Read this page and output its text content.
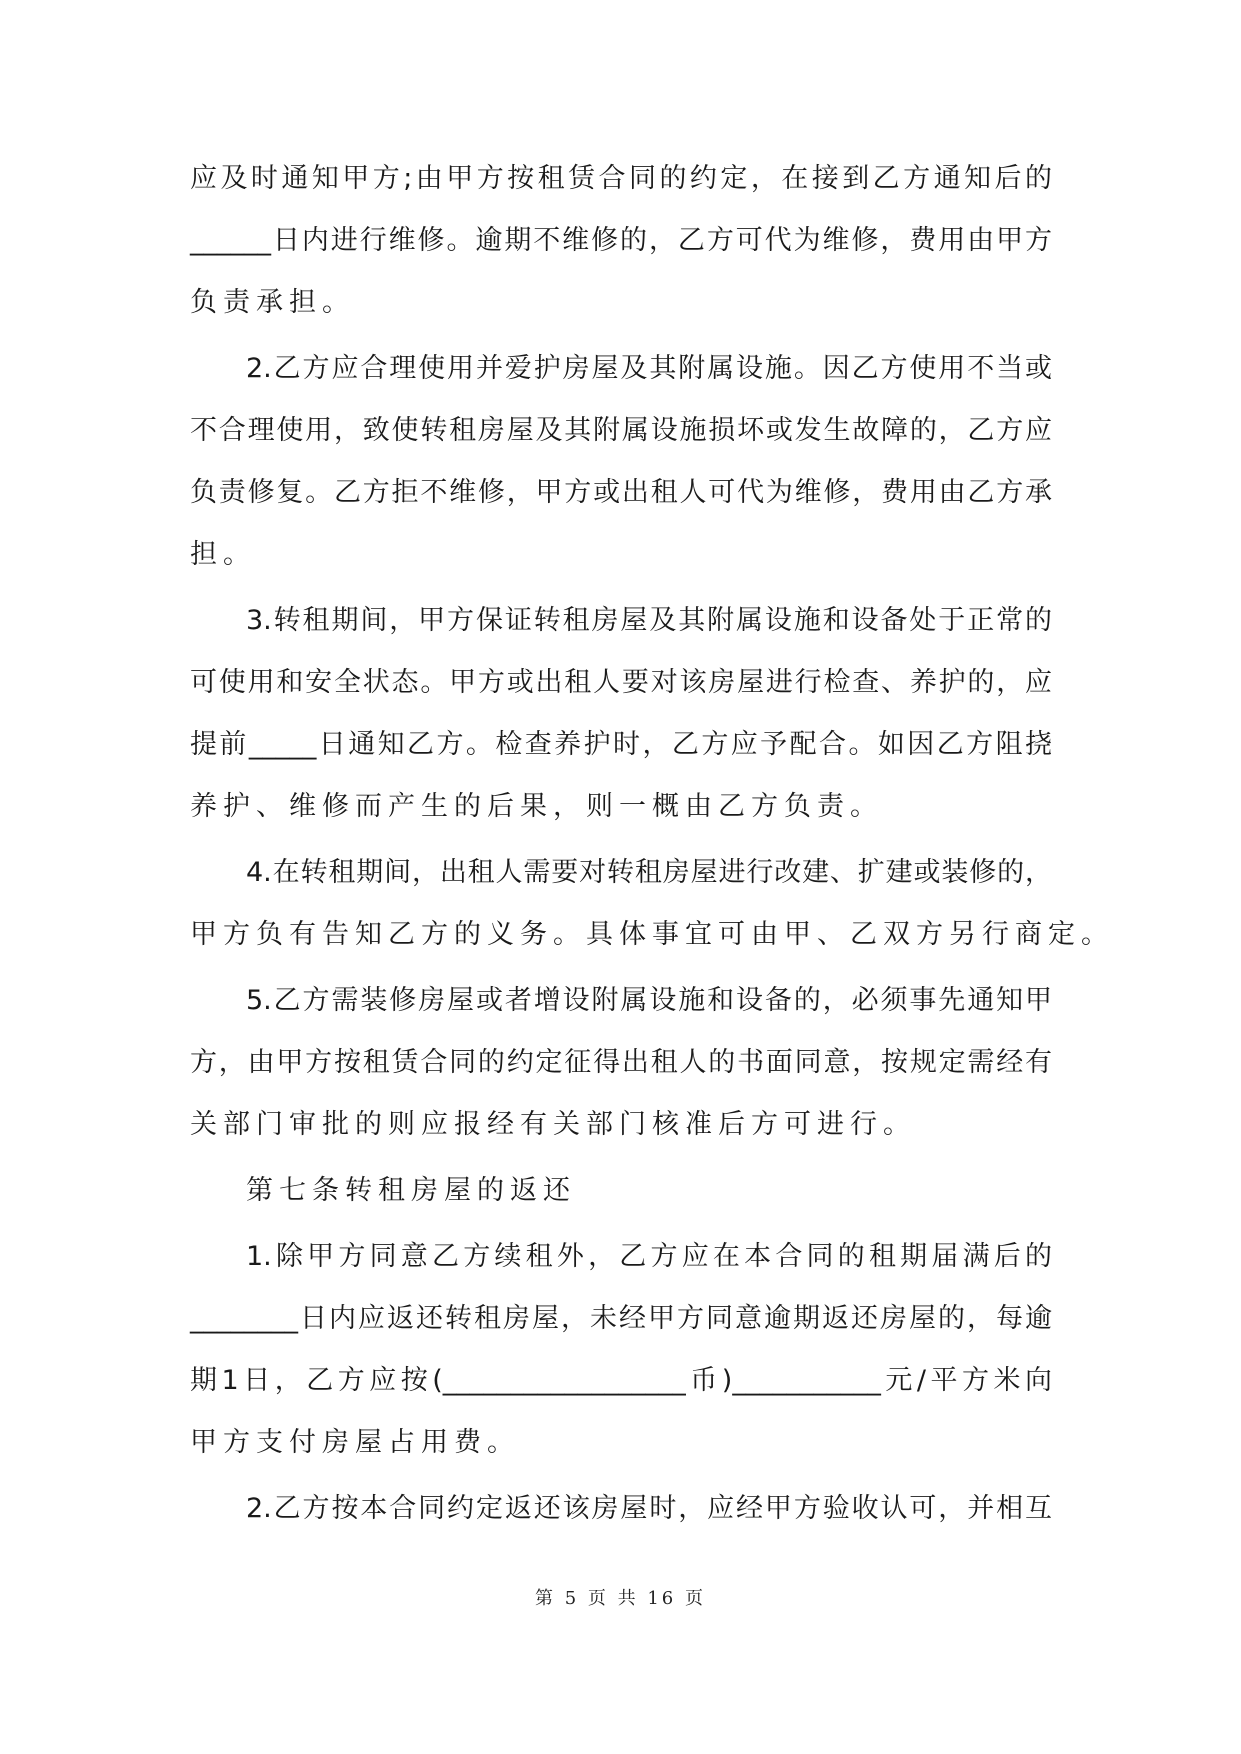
应及时通知甲方;由甲方按租赁合同的约定，在接到乙方通知后的
______日内进行维修。逾期不维修的，乙方可代为维修，费用由甲方
负责承担。
2.乙方应合理使用并爱护房屋及其附属设施。因乙方使用不当或
不合理使用，致使转租房屋及其附属设施损坏或发生故障的，乙方应
负责修复。乙方拒不维修，甲方或出租人可代为维修，费用由乙方承
担。
3.转租期间，甲方保证转租房屋及其附属设施和设备处于正常的
可使用和安全状态。甲方或出租人要对该房屋进行检查、养护的，应
提前_____日通知乙方。检查养护时，乙方应予配合。如因乙方阻挠
养护、维修而产生的后果，则一概由乙方负责。
4.在转租期间，出租人需要对转租房屋进行改建、扩建或装修的，
甲方负有告知乙方的义务。具体事宜可由甲、乙双方另行商定。
5.乙方需装修房屋或者增设附属设施和设备的，必须事先通知甲
方，由甲方按租赁合同的约定征得出租人的书面同意，按规定需经有
关部门审批的则应报经有关部门核准后方可进行。
第七条转租房屋的返还
1.除甲方同意乙方续租外，乙方应在本合同的租期届满后的
________日内应返还转租房屋，未经甲方同意逾期返还房屋的，每逾
期1日，乙方应按(__________________币)___________元/平方米向
甲方支付房屋占用费。
2.乙方按本合同约定返还该房屋时，应经甲方验收认可，并相互
第 5 页 共 16 页
